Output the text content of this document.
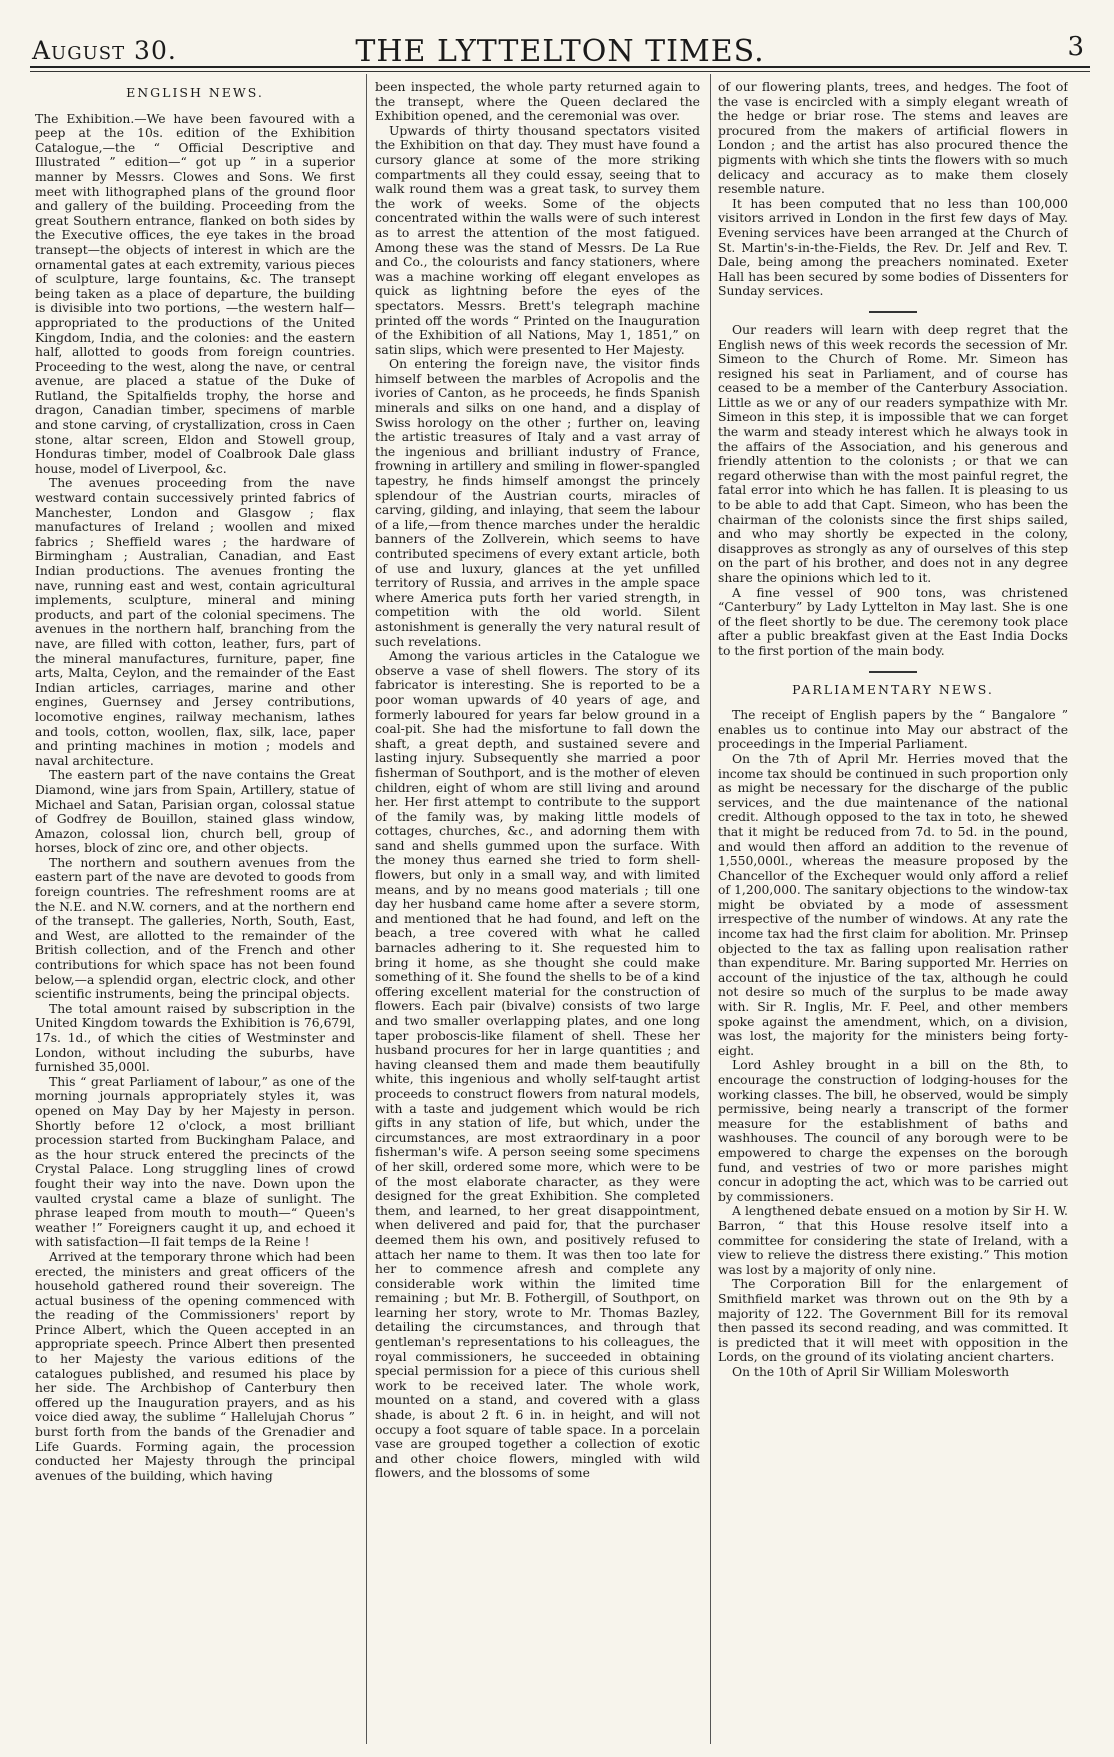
August 30.	THE LYTTELTON TIMES.	3
ENGLISH NEWS.

The Exhibition.—We have been favoured with a peep at the 10s. edition of the Exhibition Catalogue,—the “ Official Descriptive and Illustrated ” edition—“ got up ” in a superior manner by Messrs. Clowes and Sons. We first meet with lithographed plans of the ground floor and gallery of the building. Proceeding from the great Southern entrance, flanked on both sides by the Executive offices, the eye takes in the broad transept—the objects of interest in which are the ornamental gates at each extremity, various pieces of sculpture, large fountains, &c. The transept being taken as a place of departure, the building is divisible into two portions, —the western half—appropriated to the productions of the United Kingdom, India, and the colonies: and the eastern half, allotted to goods from foreign countries. Proceeding to the west, along the nave, or central avenue, are placed a statue of the Duke of Rutland, the Spitalfields trophy, the horse and dragon, Canadian timber, specimens of marble and stone carving, of crystallization, cross in Caen stone, altar screen, Eldon and Stowell group, Honduras timber, model of Coalbrook Dale glass house, model of Liverpool, &c.

The avenues proceeding from the nave westward contain successively printed fabrics of Manchester, London and Glasgow ; flax manufactures of Ireland ; woollen and mixed fabrics ; Sheffield wares ; the hardware of Birmingham ; Australian, Canadian, and East Indian productions. The avenues fronting the nave, running east and west, contain agricultural implements, sculpture, mineral and mining products, and part of the colonial specimens. The avenues in the northern half, branching from the nave, are filled with cotton, leather, furs, part of the mineral manufactures, furniture, paper, fine arts, Malta, Ceylon, and the remainder of the East Indian articles, carriages, marine and other engines, Guernsey and Jersey contributions, locomotive engines, railway mechanism, lathes and tools, cotton, woollen, flax, silk, lace, paper and printing machines in motion ; models and naval architecture.

The eastern part of the nave contains the Great Diamond, wine jars from Spain, Artillery, statue of Michael and Satan, Parisian organ, colossal statue of Godfrey de Bouillon, stained glass window, Amazon, colossal lion, church bell, group of horses, block of zinc ore, and other objects.

The northern and southern avenues from the eastern part of the nave are devoted to goods from foreign countries. The refreshment rooms are at the N.E. and N.W. corners, and at the northern end of the transept. The galleries, North, South, East, and West, are allotted to the remainder of the British collection, and of the French and other contributions for which space has not been found below,—a splendid organ, electric clock, and other scientific instruments, being the principal objects.

The total amount raised by subscription in the United Kingdom towards the Exhibition is 76,679l, 17s. 1d., of which the cities of Westminster and London, without including the suburbs, have furnished 35,000l.

This “ great Parliament of labour,” as one of the morning journals appropriately styles it, was opened on May Day by her Majesty in person. Shortly before 12 o'clock, a most brilliant procession started from Buckingham Palace, and as the hour struck entered the precincts of the Crystal Palace. Long struggling lines of crowd fought their way into the nave. Down upon the vaulted crystal came a blaze of sunlight. The phrase leaped from mouth to mouth—“ Queen's weather !” Foreigners caught it up, and echoed it with satisfaction—Il fait temps de la Reine !

Arrived at the temporary throne which had been erected, the ministers and great officers of the household gathered round their sovereign. The actual business of the opening commenced with the reading of the Commissioners' report by Prince Albert, which the Queen accepted in an appropriate speech. Prince Albert then presented to her Majesty the various editions of the catalogues published, and resumed his place by her side. The Archbishop of Canterbury then offered up the Inauguration prayers, and as his voice died away, the sublime “ Hallelujah Chorus ” burst forth from the bands of the Grenadier and Life Guards. Forming again, the procession conducted her Majesty through the principal avenues of the building, which having

been inspected, the whole party returned again to the transept, where the Queen declared the Exhibition opened, and the ceremonial was over.

Upwards of thirty thousand spectators visited the Exhibition on that day. They must have found a cursory glance at some of the more striking compartments all they could essay, seeing that to walk round them was a great task, to survey them the work of weeks. Some of the objects concentrated within the walls were of such interest as to arrest the attention of the most fatigued. Among these was the stand of Messrs. De La Rue and Co., the colourists and fancy stationers, where was a machine working off elegant envelopes as quick as lightning before the eyes of the spectators. Messrs. Brett's telegraph machine printed off the words “ Printed on the Inauguration of the Exhibition of all Nations, May 1, 1851,” on satin slips, which were presented to Her Majesty.

On entering the foreign nave, the visitor finds himself between the marbles of Acropolis and the ivories of Canton, as he proceeds, he finds Spanish minerals and silks on one hand, and a display of Swiss horology on the other ; further on, leaving the artistic treasures of Italy and a vast array of the ingenious and brilliant industry of France, frowning in artillery and smiling in flower-spangled tapestry, he finds himself amongst the princely splendour of the Austrian courts, miracles of carving, gilding, and inlaying, that seem the labour of a life,—from thence marches under the heraldic banners of the Zollverein, which seems to have contributed specimens of every extant article, both of use and luxury, glances at the yet unfilled territory of Russia, and arrives in the ample space where America puts forth her varied strength, in competition with the old world. Silent astonishment is generally the very natural result of such revelations.

Among the various articles in the Catalogue we observe a vase of shell flowers. The story of its fabricator is interesting. She is reported to be a poor woman upwards of 40 years of age, and formerly laboured for years far below ground in a coal-pit. She had the misfortune to fall down the shaft, a great depth, and sustained severe and lasting injury. Subsequently she married a poor fisherman of Southport, and is the mother of eleven children, eight of whom are still living and around her. Her first attempt to contribute to the support of the family was, by making little models of cottages, churches, &c., and adorning them with sand and shells gummed upon the surface. With the money thus earned she tried to form shell-flowers, but only in a small way, and with limited means, and by no means good materials ; till one day her husband came home after a severe storm, and mentioned that he had found, and left on the beach, a tree covered with what he called barnacles adhering to it. She requested him to bring it home, as she thought she could make something of it. She found the shells to be of a kind offering excellent material for the construction of flowers. Each pair (bivalve) consists of two large and two smaller overlapping plates, and one long taper proboscis-like filament of shell. These her husband procures for her in large quantities ; and having cleansed them and made them beautifully white, this ingenious and wholly self-taught artist proceeds to construct flowers from natural models, with a taste and judgement which would be rich gifts in any station of life, but which, under the circumstances, are most extraordinary in a poor fisherman's wife. A person seeing some specimens of her skill, ordered some more, which were to be of the most elaborate character, as they were designed for the great Exhibition. She completed them, and learned, to her great disappointment, when delivered and paid for, that the purchaser deemed them his own, and positively refused to attach her name to them. It was then too late for her to commence afresh and complete any considerable work within the limited time remaining ; but Mr. B. Fothergill, of Southport, on learning her story, wrote to Mr. Thomas Bazley, detailing the circumstances, and through that gentleman's representations to his colleagues, the royal commissioners, he succeeded in obtaining special permission for a piece of this curious shell work to be received later. The whole work, mounted on a stand, and covered with a glass shade, is about 2 ft. 6 in. in height, and will not occupy a foot square of table space. In a porcelain vase are grouped together a collection of exotic and other choice flowers, mingled with wild flowers, and the blossoms of some

of our flowering plants, trees, and hedges. The foot of the vase is encircled with a simply elegant wreath of the hedge or briar rose. The stems and leaves are procured from the makers of artificial flowers in London ; and the artist has also procured thence the pigments with which she tints the flowers with so much delicacy and accuracy as to make them closely resemble nature.

It has been computed that no less than 100,000 visitors arrived in London in the first few days of May. Evening services have been arranged at the Church of St. Martin's-in-the-Fields, the Rev. Dr. Jelf and Rev. T. Dale, being among the preachers nominated. Exeter Hall has been secured by some bodies of Dissenters for Sunday services.

Our readers will learn with deep regret that the English news of this week records the secession of Mr. Simeon to the Church of Rome. Mr. Simeon has resigned his seat in Parliament, and of course has ceased to be a member of the Canterbury Association. Little as we or any of our readers sympathize with Mr. Simeon in this step, it is impossible that we can forget the warm and steady interest which he always took in the affairs of the Association, and his generous and friendly attention to the colonists ; or that we can regard otherwise than with the most painful regret, the fatal error into which he has fallen. It is pleasing to us to be able to add that Capt. Simeon, who has been the chairman of the colonists since the first ships sailed, and who may shortly be expected in the colony, disapproves as strongly as any of ourselves of this step on the part of his brother, and does not in any degree share the opinions which led to it.

A fine vessel of 900 tons, was christened “Canterbury” by Lady Lyttelton in May last. She is one of the fleet shortly to be due. The ceremony took place after a public breakfast given at the East India Docks to the first portion of the main body.

PARLIAMENTARY NEWS.

The receipt of English papers by the “ Bangalore ” enables us to continue into May our abstract of the proceedings in the Imperial Parliament.

On the 7th of April Mr. Herries moved that the income tax should be continued in such proportion only as might be necessary for the discharge of the public services, and the due maintenance of the national credit. Although opposed to the tax in toto, he shewed that it might be reduced from 7d. to 5d. in the pound, and would then afford an addition to the revenue of 1,550,000l., whereas the measure proposed by the Chancellor of the Exchequer would only afford a relief of 1,200,000. The sanitary objections to the window-tax might be obviated by a mode of assessment irrespective of the number of windows. At any rate the income tax had the first claim for abolition. Mr. Prinsep objected to the tax as falling upon realisation rather than expenditure. Mr. Baring supported Mr. Herries on account of the injustice of the tax, although he could not desire so much of the surplus to be made away with. Sir R. Inglis, Mr. F. Peel, and other members spoke against the amendment, which, on a division, was lost, the majority for the ministers being forty-eight.

Lord Ashley brought in a bill on the 8th, to encourage the construction of lodging-houses for the working classes. The bill, he observed, would be simply permissive, being nearly a transcript of the former measure for the establishment of baths and washhouses. The council of any borough were to be empowered to charge the expenses on the borough fund, and vestries of two or more parishes might concur in adopting the act, which was to be carried out by commissioners.

A lengthened debate ensued on a motion by Sir H. W. Barron, “ that this House resolve itself into a committee for considering the state of Ireland, with a view to relieve the distress there existing.” This motion was lost by a majority of only nine.

The Corporation Bill for the enlargement of Smithfield market was thrown out on the 9th by a majority of 122. The Government Bill for its removal then passed its second reading, and was committed. It is predicted that it will meet with opposition in the Lords, on the ground of its violating ancient charters.

On the 10th of April Sir William Molesworth
